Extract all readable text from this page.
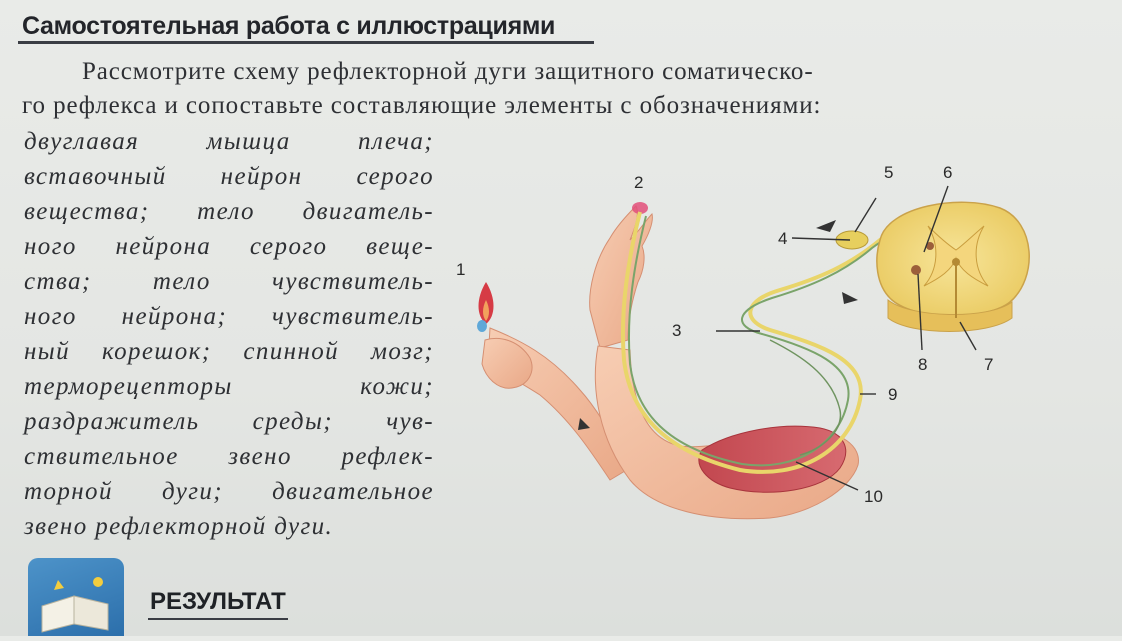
Самостоятельная работа с иллюстрациями
Рассмотрите схему рефлекторной дуги защитного соматическо-
го рефлекса и сопоставьте составляющие элементы с обозначениями:
двуглавая мышца плеча;
вставочный нейрон серого
вещества; тело двигатель-
ного нейрона серого веще-
ства; тело чувствитель-
ного нейрона; чувствитель-
ный корешок; спинной мозг;
терморецепторы кожи;
раздражитель среды; чув-
ствительное звено рефлек-
торной дуги; двигательное
звено рефлекторной дуги.
1
2
3
4
5	6
7
8
9
10
РЕЗУЛЬТАТ
